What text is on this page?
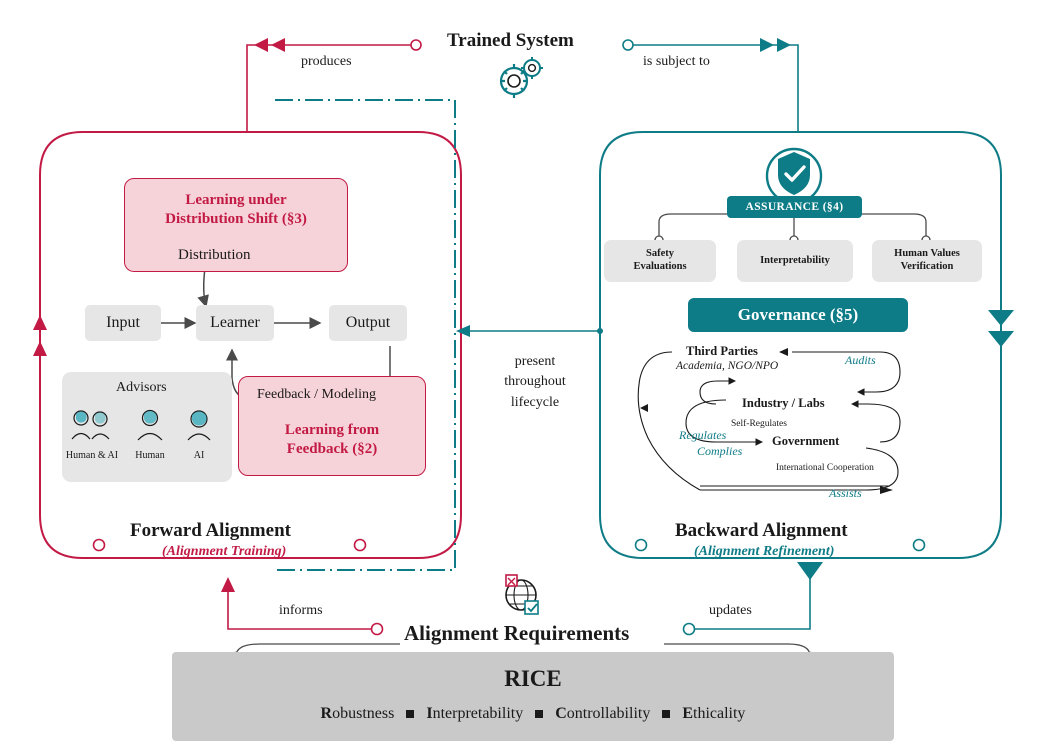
Trained System
produces	is subject to
Learning under
Distribution Shift (§3)
Distribution
Input	Learner	Output
Advisors
Human & AI	Human	AI
Feedback / Modeling
Learning from
Feedback (§2)
Forward Alignment
(Alignment Training)
present
throughout
lifecycle
ASSURANCE (§4)
Safety
Evaluations
Interpretability
Human Values
Verification
Governance (§5)
Third Parties
Academia, NGO/NPO
Industry / Labs
Government
Audits
Self-Regulates
Regulates
Complies
International Cooperation
Assists
Backward Alignment
(Alignment Refinement)
informs	updates
Alignment Requirements
RICE
Robustness Interpretability Controllability Ethicality
